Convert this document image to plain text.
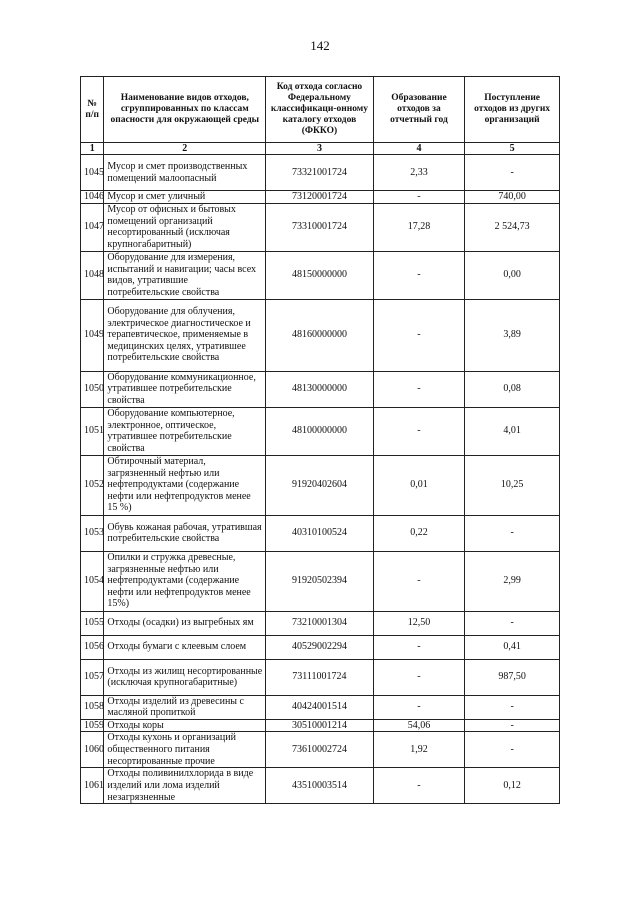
142
№ п/п	Наименование видов отходов, сгруппированных по классам опасности для окружающей среды	Код отхода согласно Федеральному классификаци-онному каталогу отходов (ФККО)	Образование отходов за отчетный год	Поступление отходов из других организаций
1	2	3	4	5
1045	Мусор и смет производственных помещений малоопасный	73321001724	2,33	-
1046	Мусор и смет уличный	73120001724	-	740,00
1047	Мусор от офисных и бытовых помещений организаций несортированный (исключая крупногабаритный)	73310001724	17,28	2 524,73
1048	Оборудование для измерения, испытаний и навигации; часы всех видов, утратившие потребительские свойства	48150000000	-	0,00
1049	Оборудование для облучения, электрическое диагностическое и терапевтическое, применяемые в медицинских целях, утратившее потребительские свойства	48160000000	-	3,89
1050	Оборудование коммуникационное, утратившее потребительские свойства	48130000000	-	0,08
1051	Оборудование компьютерное, электронное, оптическое, утратившее потребительские свойства	48100000000	-	4,01
1052	Обтирочный материал, загрязненный нефтью или нефтепродуктами (содержание нефти или нефтепродуктов менее 15 %)	91920402604	0,01	10,25
1053	Обувь кожаная рабочая, утратившая потребительские свойства	40310100524	0,22	-
1054	Опилки и стружка древесные, загрязненные нефтью или нефтепродуктами (содержание нефти или нефтепродуктов менее 15%)	91920502394	-	2,99
1055	Отходы (осадки) из выгребных ям	73210001304	12,50	-
1056	Отходы бумаги с клеевым слоем	40529002294	-	0,41
1057	Отходы из жилищ несортированные (исключая крупногабаритные)	73111001724	-	987,50
1058	Отходы изделий из древесины с масляной пропиткой	40424001514	-	-
1059	Отходы коры	30510001214	54,06	-
1060	Отходы кухонь и организаций общественного питания несортированные прочие	73610002724	1,92	-
1061	Отходы поливинилхлорида в виде изделий или лома изделий незагрязненные	43510003514	-	0,12
